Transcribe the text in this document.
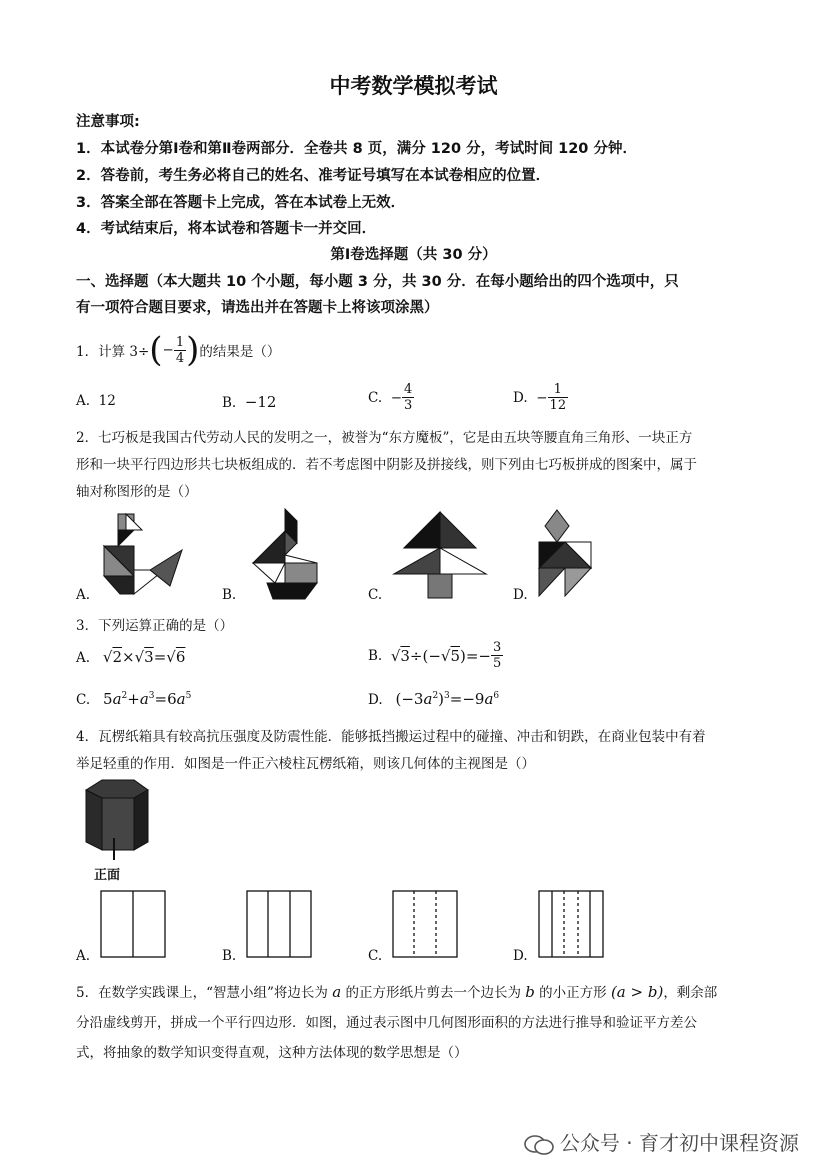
中考数学模拟考试
注意事项:
1．本试卷分第Ⅰ卷和第Ⅱ卷两部分．全卷共 8 页，满分 120 分，考试时间 120 分钟．
2．答卷前，考生务必将自己的姓名、准考证号填写在本试卷相应的位置．
3．答案全部在答题卡上完成，答在本试卷上无效．
4．考试结束后，将本试卷和答题卡一并交回．
第Ⅰ卷选择题（共 30 分）
一、选择题（本大题共 10 个小题，每小题 3 分，共 30 分．在每小题给出的四个选项中，只
有一项符合题目要求，请选出并在答题卡上将该项涂黑）
1．计算 3÷ ( − $\frac{1}{4}$ ) 的结果是（）
A. 12	B. −12	C.
− $\frac{4}{3}$	D.
− $\frac{1}{12}$
2．七巧板是我国古代劳动人民的发明之一，被誉为“东方魔板”，它是由五块等腰直角三角形、一块正方
形和一块平行四边形共七块板组成的．若不考虑图中阴影及拼接线，则下列由七巧板拼成的图案中，属于
轴对称图形的是（）
A.	B.	C.	D.
3．下列运算正确的是（）
A. √2×√3=√6	B.
$√3\div(-√5)=- \frac{3}{5}$
C. $5a^2+a^3=6a^5$	D. $(-3a^2)^3=-9a^6$
4．瓦楞纸箱具有较高抗压强度及防震性能．能够抵挡搬运过程中的碰撞、冲击和钥跌，在商业包装中有着
举足轻重的作用．如图是一件正六棱柱瓦楞纸箱，则该几何体的主视图是（）
正面
A.	B.	C.	D.
5．在数学实践课上，“智慧小组”将边长为 a 的正方形纸片剪去一个边长为 b 的小正方形 (a > b)，剩余部
分沿虚线剪开，拼成一个平行四边形．如图，通过表示图中几何图形面积的方法进行推导和验证平方差公
式，将抽象的数学知识变得直观，这种方法体现的数学思想是（）
公众号 · 育才初中课程资源
